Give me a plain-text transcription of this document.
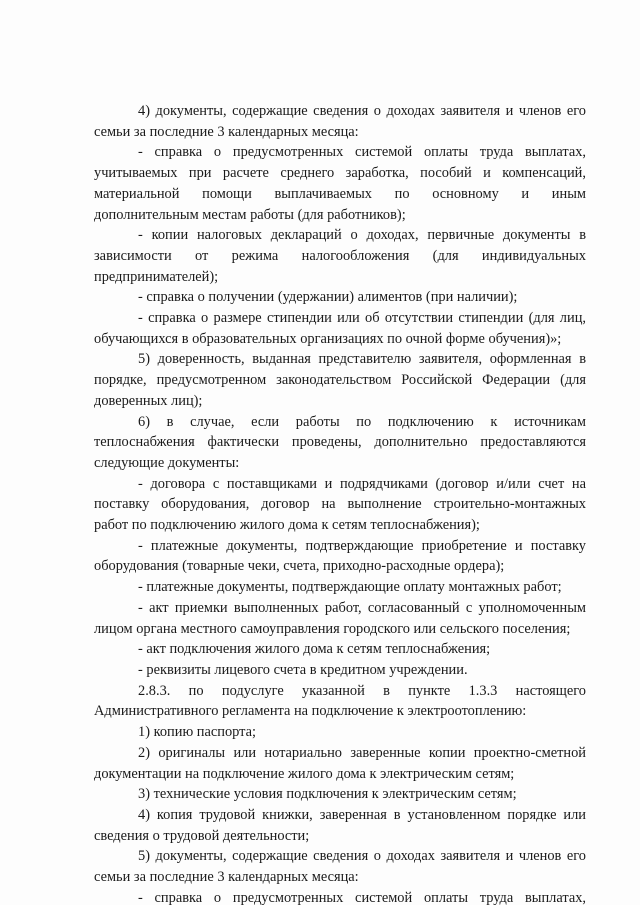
4) документы, содержащие сведения о доходах заявителя и членов его
семьи за последние 3 календарных месяца:
- справка о предусмотренных системой оплаты труда выплатах,
учитываемых при расчете среднего заработка, пособий и компенсаций,
материальной помощи выплачиваемых по основному и иным
дополнительным местам работы (для работников);
- копии налоговых деклараций о доходах, первичные документы в
зависимости от режима налогообложения (для индивидуальных
предпринимателей);
- справка о получении (удержании) алиментов (при наличии);
- справка о размере стипендии или об отсутствии стипендии (для лиц,
обучающихся в образовательных организациях по очной форме обучения)»;
5) доверенность, выданная представителю заявителя, оформленная в
порядке, предусмотренном законодательством Российской Федерации (для
доверенных лиц);
6) в случае, если работы по подключению к источникам
теплоснабжения фактически проведены, дополнительно предоставляются
следующие документы:
- договора с поставщиками и подрядчиками (договор и/или счет на
поставку оборудования, договор на выполнение строительно-монтажных
работ по подключению жилого дома к сетям теплоснабжения);
- платежные документы, подтверждающие приобретение и поставку
оборудования (товарные чеки, счета, приходно-расходные ордера);
- платежные документы, подтверждающие оплату монтажных работ;
- акт приемки выполненных работ, согласованный с уполномоченным
лицом органа местного самоуправления городского или сельского поселения;
- акт подключения жилого дома к сетям теплоснабжения;
- реквизиты лицевого счета в кредитном учреждении.
2.8.3. по подуслуге указанной в пункте 1.3.3 настоящего
Административного регламента на подключение к электроотоплению:
1) копию паспорта;
2) оригиналы или нотариально заверенные копии проектно-сметной
документации на подключение жилого дома к электрическим сетям;
3) технические условия подключения к электрическим сетям;
4) копия трудовой книжки, заверенная в установленном порядке или
сведения о трудовой деятельности;
5) документы, содержащие сведения о доходах заявителя и членов его
семьи за последние 3 календарных месяца:
- справка о предусмотренных системой оплаты труда выплатах,
